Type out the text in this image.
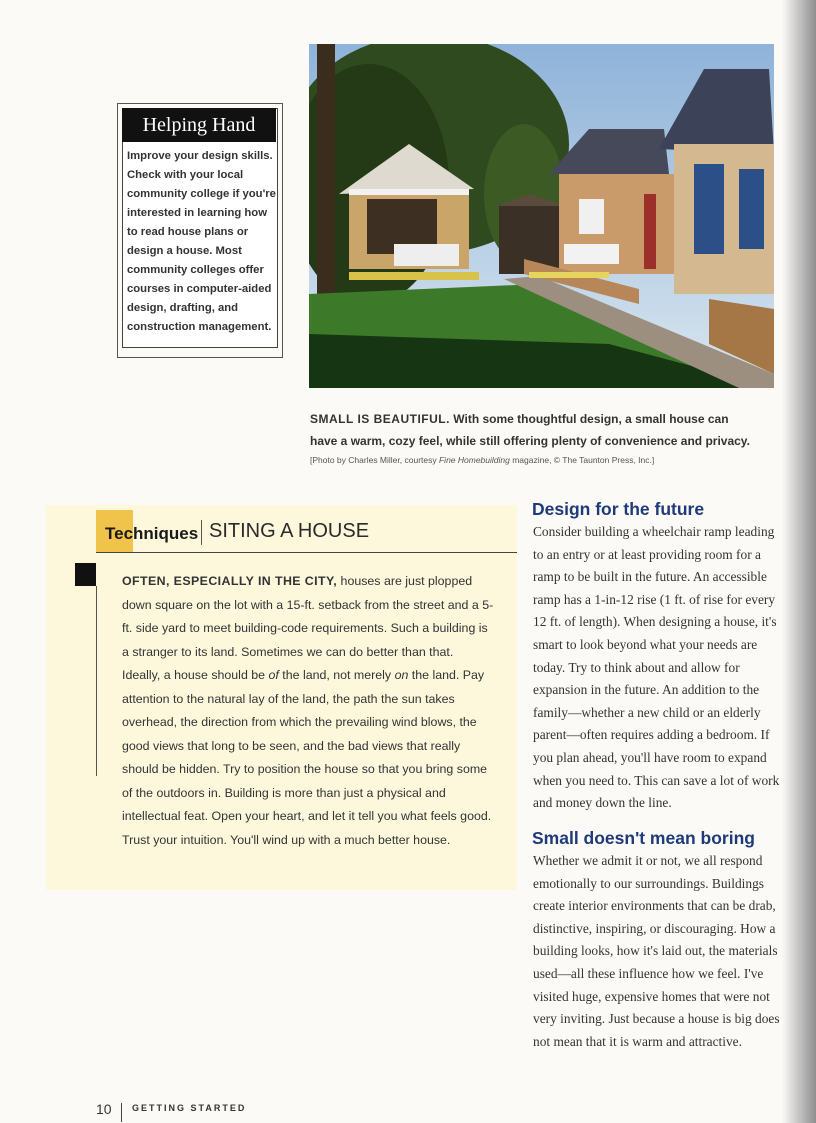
Helping Hand
Improve your design skills. Check with your local community college if you're interested in learning how to read house plans or design a house. Most community colleges offer courses in computer-aided design, drafting, and construction management.
SMALL IS BEAUTIFUL. With some thoughtful design, a small house can have a warm, cozy feel, while still offering plenty of convenience and privacy.
[Photo by Charles Miller, courtesy Fine Homebuilding magazine, © The Taunton Press, Inc.]
Techniques SITING A HOUSE
OFTEN, ESPECIALLY IN THE CITY, houses are just plopped down square on the lot with a 15-ft. setback from the street and a 5-ft. side yard to meet building-code requirements. Such a building is a stranger to its land. Sometimes we can do better than that. Ideally, a house should be of the land, not merely on the land. Pay attention to the natural lay of the land, the path the sun takes overhead, the direction from which the prevailing wind blows, the good views that long to be seen, and the bad views that really should be hidden. Try to position the house so that you bring some of the outdoors in. Building is more than just a physical and intellectual feat. Open your heart, and let it tell you what feels good. Trust your intuition. You'll wind up with a much better house.
Design for the future
Consider building a wheelchair ramp leading to an entry or at least providing room for a ramp to be built in the future. An accessible ramp has a 1-in-12 rise (1 ft. of rise for every 12 ft. of length). When designing a house, it's smart to look beyond what your needs are today. Try to think about and allow for expansion in the future. An addition to the family—whether a new child or an elderly parent—often requires adding a bedroom. If you plan ahead, you'll have room to expand when you need to. This can save a lot of work and money down the line.
Small doesn't mean boring
Whether we admit it or not, we all respond emotionally to our surroundings. Buildings create interior environments that can be drab, distinctive, inspiring, or discouraging. How a building looks, how it's laid out, the materials used—all these influence how we feel. I've visited huge, expensive homes that were not very inviting. Just because a house is big does not mean that it is warm and attractive.
10 GETTING STARTED
